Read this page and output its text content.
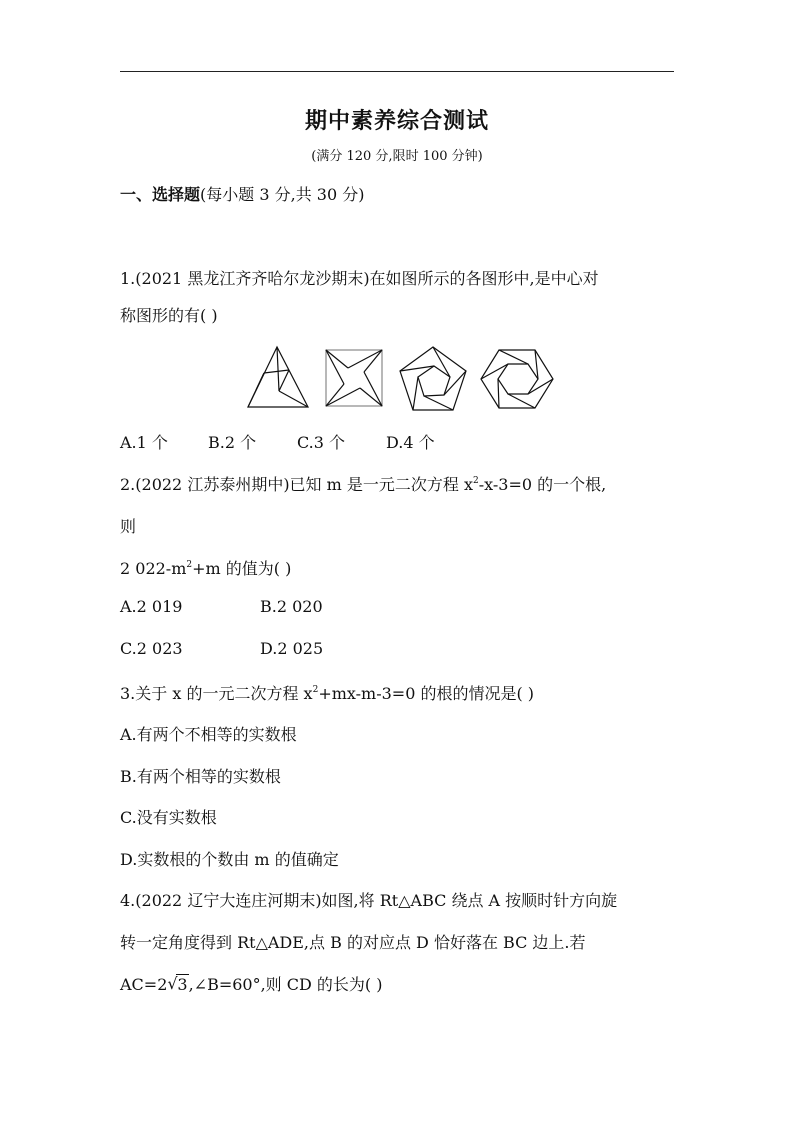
期中素养综合测试
(满分 120 分,限时 100 分钟)
一、选择题(每小题 3 分,共 30 分)
1.(2021 黑龙江齐齐哈尔龙沙期末)在如图所示的各图形中,是中心对
称图形的有( )
A.1 个	B.2 个	C.3 个	D.4 个
2.(2022 江苏泰州期中)已知 m 是一元二次方程 $x^2-x-3=0$ 的一个根,
则
2 $022-m^2+m$ 的值为( )
A.2 019	B.2 020
C.2 023	D.2 025
3.关于 x 的一元二次方程 $x^2+mx-m-3=0$ 的根的情况是( )
A.有两个不相等的实数根
B.有两个相等的实数根
C.没有实数根
D.实数根的个数由 m 的值确定
4.(2022 辽宁大连庄河期末)如图,将 Rt△ABC 绕点 A 按顺时针方向旋
转一定角度得到 Rt△ADE,点 B 的对应点 D 恰好落在 BC 边上.若
AC=2 √ 3,∠B=60°,则 CD 的长为( )
